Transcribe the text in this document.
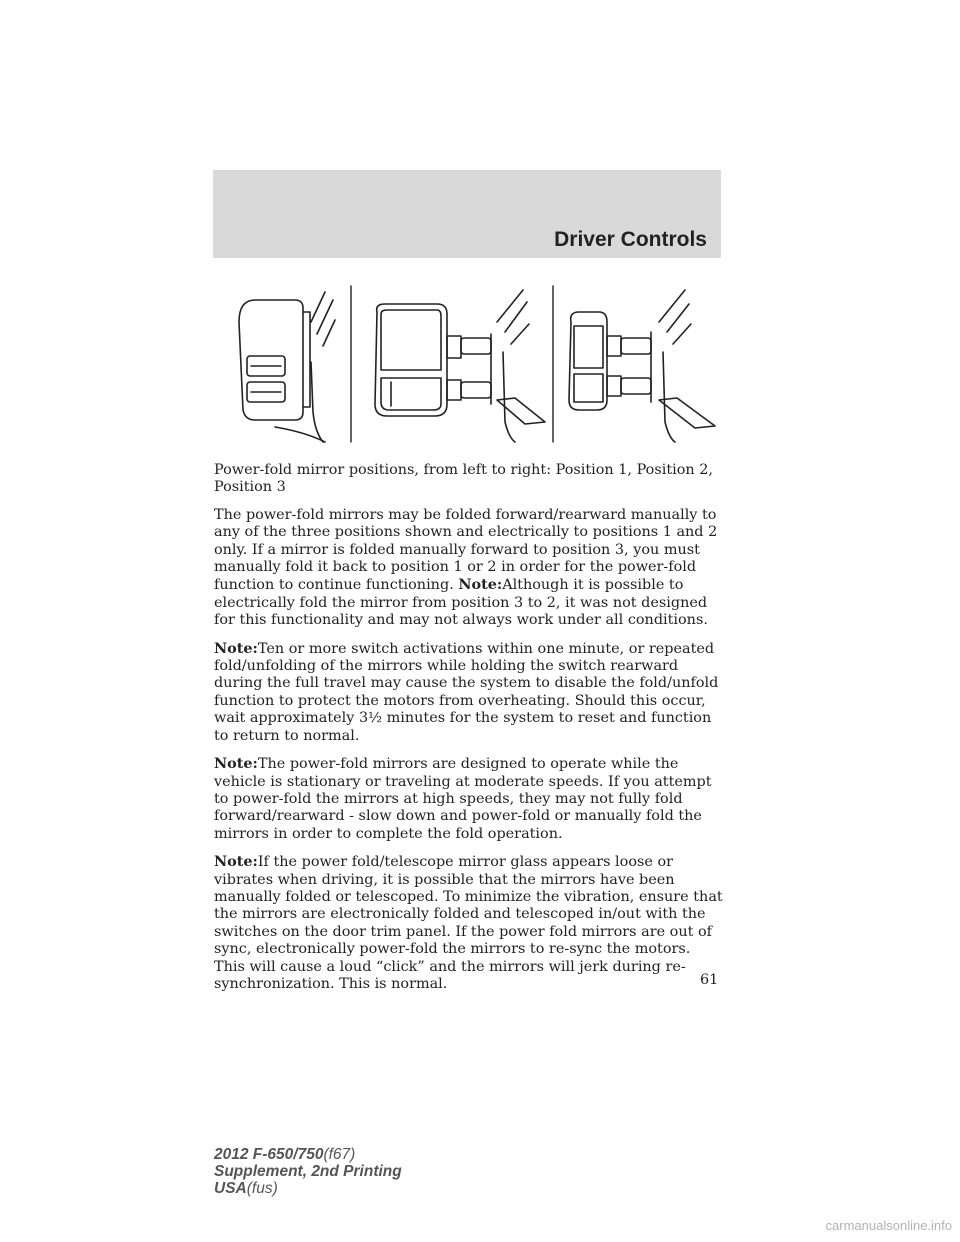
Driver Controls

Power-fold mirror positions, from left to right: Position 1, Position 2, Position 3

The power-fold mirrors may be folded forward/rearward manually to any of the three positions shown and electrically to positions 1 and 2 only. If a mirror is folded manually forward to position 3, you must manually fold it back to position 1 or 2 in order for the power-fold function to continue functioning. Note:Although it is possible to electrically fold the mirror from position 3 to 2, it was not designed for this functionality and may not always work under all conditions.

Note:Ten or more switch activations within one minute, or repeated fold/unfolding of the mirrors while holding the switch rearward during the full travel may cause the system to disable the fold/unfold function to protect the motors from overheating. Should this occur, wait approximately 3½ minutes for the system to reset and function to return to normal.

Note:The power-fold mirrors are designed to operate while the vehicle is stationary or traveling at moderate speeds. If you attempt to power-fold the mirrors at high speeds, they may not fully fold forward/rearward - slow down and power-fold or manually fold the mirrors in order to complete the fold operation.

Note:If the power fold/telescope mirror glass appears loose or vibrates when driving, it is possible that the mirrors have been manually folded or telescoped. To minimize the vibration, ensure that the mirrors are electronically folded and telescoped in/out with the switches on the door trim panel. If the power fold mirrors are out of sync, electronically power-fold the mirrors to re-sync the motors. This will cause a loud “click” and the mirrors will jerk during re-synchronization. This is normal.	61
2012 F-650/750(f67)
Supplement, 2nd Printing
USA(fus)
carmanualsonline.info
